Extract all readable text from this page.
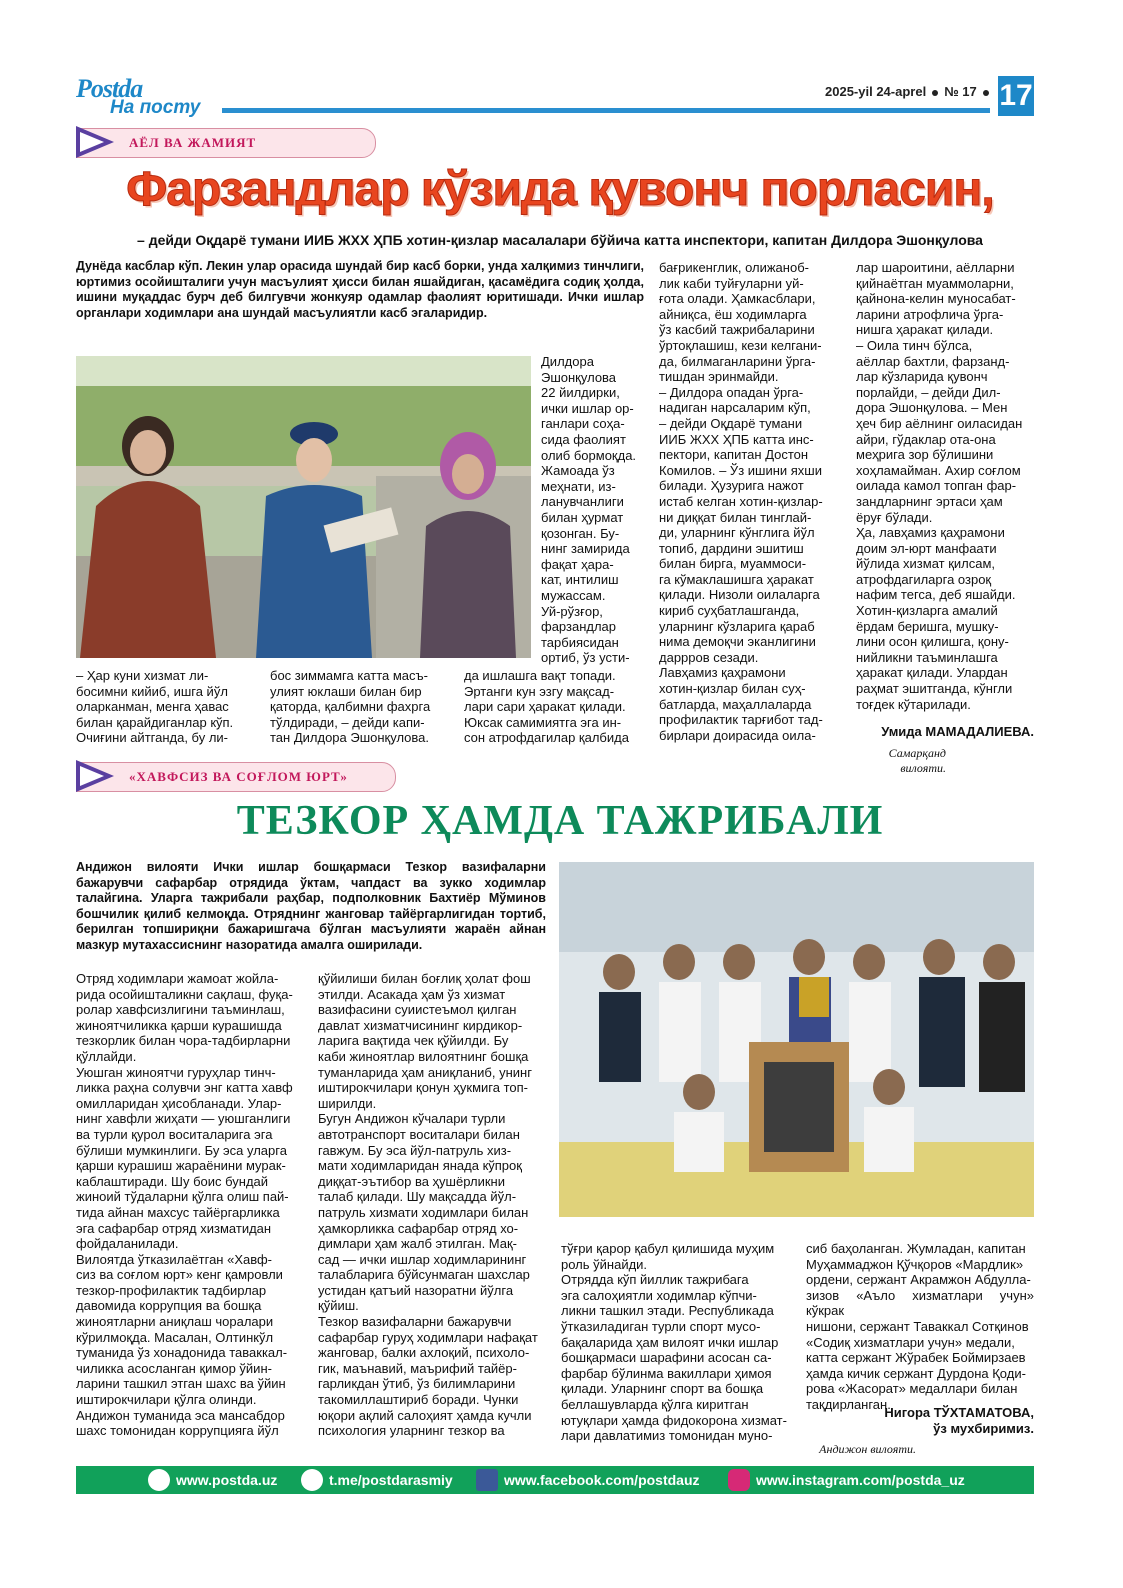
Postda
На посту
2025-yil 24-aprel № 17 17
АЁЛ ВА ЖАМИЯТ
Фарзандлар кўзида қувонч порласин,
– дейди Оқдарё тумани ИИБ ЖХХ ҲПБ хотин-қизлар масалалари бўйича катта инспектори, капитан Дилдора Эшонқулова

Дунёда касблар кўп. Лекин улар орасида шундай бир касб борки, унда халқимиз тинчлиги, юртимиз осойишталиги учун масъулият ҳисси билан яшайдиган, қасамёдига содиқ ҳолда, ишини муқаддас бурч деб билгувчи жонкуяр одамлар фаолият юритишади. Ички ишлар органлари ходимлари ана шундай масъулиятли касб эгаларидир.

Дилдора
Эшонқулова
22 йилдирки,
ички ишлар ор-
ганлари соҳа-
сида фаолият
олиб бормоқда.
Жамоада ўз
меҳнати, из-
ланувчанлиги
билан ҳурмат
қозонган. Бу-
нинг замирида
фақат ҳара-
кат, интилиш
мужассам.
Уй-рўзғор,
фарзандлар
тарбиясидан
ортиб, ўз усти-

– Ҳар куни хизмат ли-
босимни кийиб, ишга йўл
оларканман, менга ҳавас
билан қарайдиганлар кўп.
Очиғини айтганда, бу ли-

бос зиммамга катта масъ-
улият юклаши билан бир
қаторда, қалбимни фахрга
тўлдиради, – дейди капи-
тан Дилдора Эшонқулова.

да ишлашга вақт топади.
Эртанги кун эзгу мақсад-
лари сари ҳаракат қилади.
Юксак самимиятга эга ин-
сон атрофдагилар қалбида

бағрикенглик, олижаноб-
лик каби туйғуларни уй-
ғота олади. Ҳамкасблари,
айниқса, ёш ходимларга
ўз касбий тажрибаларини
ўртоқлашиш, кези келгани-
да, билмаганларини ўрга-
тишдан эринмайди.
– Дилдора опадан ўрга-
надиган нарсаларим кўп,
– дейди Оқдарё тумани
ИИБ ЖХХ ҲПБ катта инс-
пектори, капитан Достон
Комилов. – Ўз ишини яхши
билади. Ҳузурига нажот
истаб келган хотин-қизлар-
ни диққат билан тинглай-
ди, уларнинг кўнглига йўл
топиб, дардини эшитиш
билан бирга, муаммоси-
га кўмаклашишга ҳаракат
қилади. Низоли оилаларга
кириб суҳбатлашганда,
уларнинг кўзларига қараб
нима демоқчи эканлигини
даррров сезади.
Лавҳамиз қаҳрамони
хотин-қизлар билан суҳ-
батларда, маҳаллаларда
профилактик тарғибот тад-
бирлари доирасида оила-

лар шароитини, аёлларни
қийнаётган муаммоларни,
қайнона-келин муносабат-
ларини атрофлича ўрга-
нишга ҳаракат қилади.
– Оила тинч бўлса,
аёллар бахтли, фарзанд-
лар кўзларида қувонч
порлайди, – дейди Дил-
дора Эшонқулова. – Мен
ҳеч бир аёлнинг оиласидан
айри, гўдаклар ота-она
меҳрига зор бўлишини
хоҳламайман. Ахир соғлом
оилада камол топган фар-
зандларнинг эртаси ҳам
ёруғ бўлади.
Ҳа, лавҳамиз қаҳрамони
доим эл-юрт манфаати
йўлида хизмат қилсам,
атрофдагиларга озроқ
нафим тегса, деб яшайди.
Хотин-қизларга амалий
ёрдам беришга, мушку-
лини осон қилишга, қону-
нийликни таъминлашга
ҳаракат қилади. Улардан
раҳмат эшитганда, кўнгли
тоғдек кўтарилади.

Умида МАМАДАЛИЕВА.
Самарқанд вилояти.
«ХАВФСИЗ ВА СОҒЛОМ ЮРТ»
ТЕЗКОР ҲАМДА ТАЖРИБАЛИ

Андижон вилояти Ички ишлар бошқармаси Тезкор вазифаларни бажарувчи сафарбар отрядида ўктам, чапдаст ва зукко ходимлар талайгина. Уларга тажрибали раҳбар, подполковник Бахтиёр Мўминов бошчилик қилиб келмоқда. Отряднинг жанговар тайёргарлигидан тортиб, берилган топшириқни бажаришгача бўлган масъулияти жараён айнан мазкур мутахассиснинг назоратида амалга оширилади.

Отряд ходимлари жамоат жойла-
рида осойишталикни сақлаш, фуқа-
ролар хавфсизлигини таъминлаш,
жиноятчиликка қарши курашишда
тезкорлик билан чора-тадбирларни
қўллайди.
Уюшган жиноятчи гуруҳлар тинч-
ликка раҳна солувчи энг катта хавф
омилларидан ҳисобланади. Улар-
нинг хавфли жиҳати — уюшганлиги
ва турли қурол воситаларига эга
бўлиши мумкинлиги. Бу эса уларга
қарши курашиш жараёнини мурак-
каблаштиради. Шу боис бундай
жиноий тўдаларни қўлга олиш пай-
тида айнан махсус тайёргарликка
эга сафарбар отряд хизматидан
фойдаланилади.
Вилоятда ўтказилаётган «Хавф-
сиз ва соғлом юрт» кенг қамровли
тезкор-профилактик тадбирлар
давомида коррупция ва бошқа
жиноятларни аниқлаш чоралари
кўрилмоқда. Масалан, Олтинкўл
туманида ўз хонадонида таваккал-
чиликка асосланган қимор ўйин-
ларини ташкил этган шахс ва ўйин
иштирокчилари қўлга олинди.
Андижон туманида эса мансабдор
шахс томонидан коррупцияга йўл

қўйилиши билан боғлиқ ҳолат фош
этилди. Асакада ҳам ўз хизмат
вазифасини суиистеъмол қилган
давлат хизматчисининг кирдикор-
ларига вақтида чек қўйилди. Бу
каби жиноятлар вилоятнинг бошқа
туманларида ҳам аниқланиб, унинг
иштирокчилари қонун ҳукмига топ-
ширилди.
Бугун Андижон кўчалари турли
автотранспорт воситалари билан
гавжум. Бу эса йўл-патруль хиз-
мати ходимларидан янада кўпроқ
диққат-эътибор ва ҳушёрликни
талаб қилади. Шу мақсадда йўл-
патруль хизмати ходимлари билан
ҳамкорликка сафарбар отряд хо-
димлари ҳам жалб этилган. Мақ-
сад — ички ишлар ходимларининг
талабларига бўйсунмаган шахслар
устидан қатъий назоратни йўлга
қўйиш.
Тезкор вазифаларни бажарувчи
сафарбар гуруҳ ходимлари нафақат
жанговар, балки ахлоқий, психоло-
гик, маънавий, маърифий тайёр-
гарликдан ўтиб, ўз билимларини
такомиллаштириб боради. Чунки
юқори ақлий салоҳият ҳамда кучли
психология уларнинг тезкор ва

тўғри қарор қабул қилишида муҳим
роль ўйнайди.
Отрядда кўп йиллик тажрибага
эга салоҳиятли ходимлар кўпчи-
ликни ташкил этади. Республикада
ўтказиладиган турли спорт мусо-
бақаларида ҳам вилоят ички ишлар
бошқармаси шарафини асосан са-
фарбар бўлинма вакиллари ҳимоя
қилади. Уларнинг спорт ва бошқа
беллашувларда қўлга киритган
ютуқлари ҳамда фидокорона хизмат-
лари давлатимиз томонидан муно-

сиб баҳоланган. Жумладан, капитан
Муҳаммаджон Қўчқоров «Мардлик»
ордени, сержант Акрамжон Абдулла-
зизов «Аъло хизматлари учун» кўкрак
нишони, сержант Таваккал Сотқинов
«Содиқ хизматлари учун» медали,
катта сержант Жўрабек Боймирзаев
ҳамда кичик сержант Дурдона Қоди-
рова «Жасорат» медаллари билан
тақдирланган.

Нигора ТЎХТАМАТОВА,
ўз мухбиримиз.
Андижон вилояти.
www.postda.uz	t.me/postdarasmiy	www.facebook.com/postdauz	www.instagram.com/postda_uz
